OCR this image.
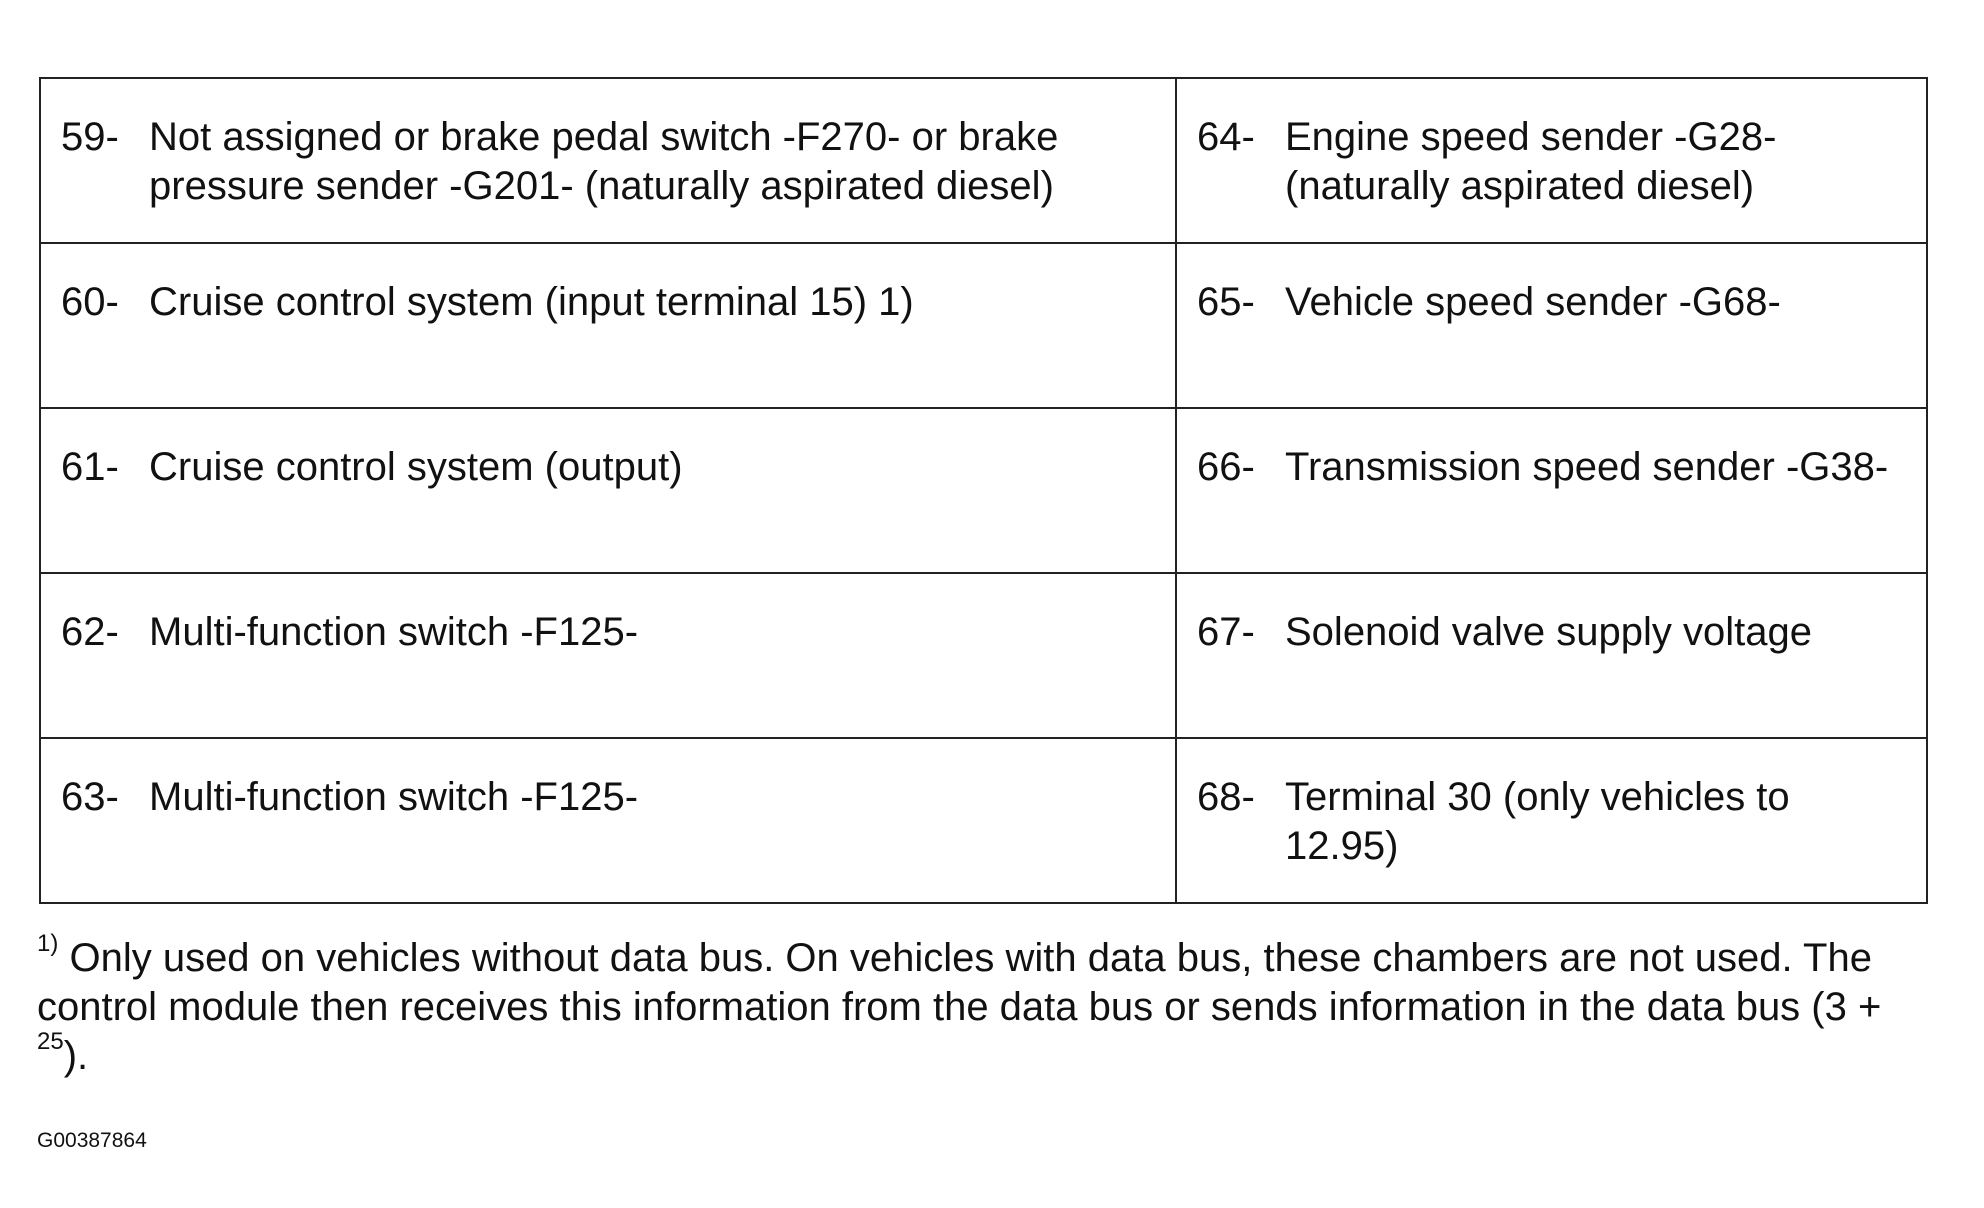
59- Not assigned or brake pedal switch -F270- or brake pressure sender -G201- (naturally aspirated diesel)	64- Engine speed sender -G28- (naturally aspirated diesel)

60- Cruise control system (input terminal 15) 1)	65- Vehicle speed sender -G68-

61- Cruise control system (output)	66- Transmission speed sender -G38-

62- Multi-function switch -F125-	67- Solenoid valve supply voltage

63- Multi-function switch -F125-	68- Terminal 30 (only vehicles to 12.95)
$^{1)}$ Only used on vehicles without data bus. On vehicles with data bus, these chambers are not used. The control module then receives this information from the data bus or sends information in the data bus (3 + $^{25}$).
G00387864
